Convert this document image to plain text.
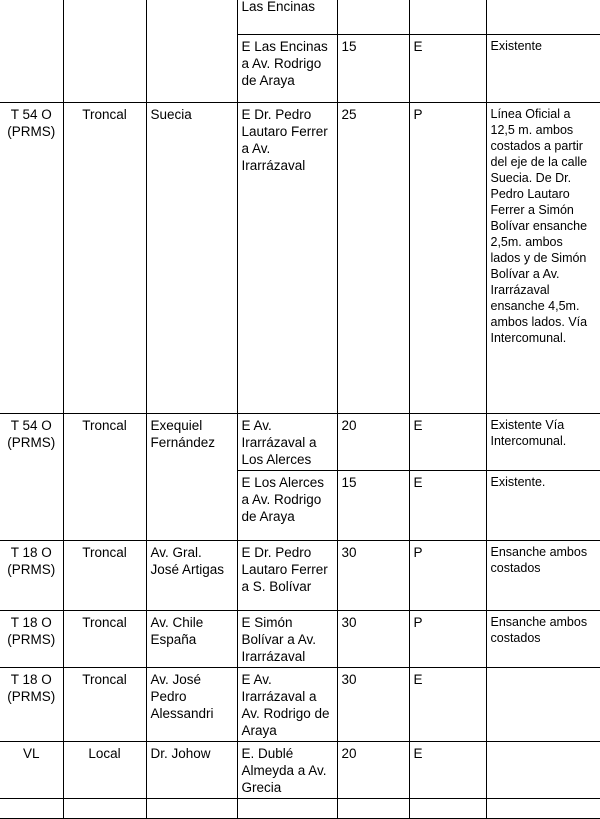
			Las Encinas			
			E Las Encinas a Av. Rodrigo de Araya	15	E	Existente
T 54 O (PRMS)	Troncal	Suecia	E Dr. Pedro Lautaro Ferrer a Av. Irarrázaval	25	P	Línea Oficial a 12,5 m. ambos costados a partir del eje de la calle Suecia. De Dr. Pedro Lautaro Ferrer a Simón Bolívar ensanche 2,5m. ambos lados y de Simón Bolívar a Av. Irarrázaval ensanche 4,5m. ambos lados. Vía Intercomunal.
T 54 O (PRMS)	Troncal	Exequiel Fernández	E Av. Irarrázaval a Los Alerces	20	E	Existente Vía Intercomunal.
			E Los Alerces a Av. Rodrigo de Araya	15	E	Existente.
T 18 O (PRMS)	Troncal	Av. Gral. José Artigas	E Dr. Pedro Lautaro Ferrer a S. Bolívar	30	P	Ensanche ambos costados
T 18 O (PRMS)	Troncal	Av. Chile España	E Simón Bolívar a Av. Irarrázaval	30	P	Ensanche ambos costados
T 18 O (PRMS)	Troncal	Av. José Pedro Alessandri	E Av. Irarrázaval a Av. Rodrigo de Araya	30	E	
VL	Local	Dr. Johow	E. Dublé Almeyda a Av. Grecia	20	E	
